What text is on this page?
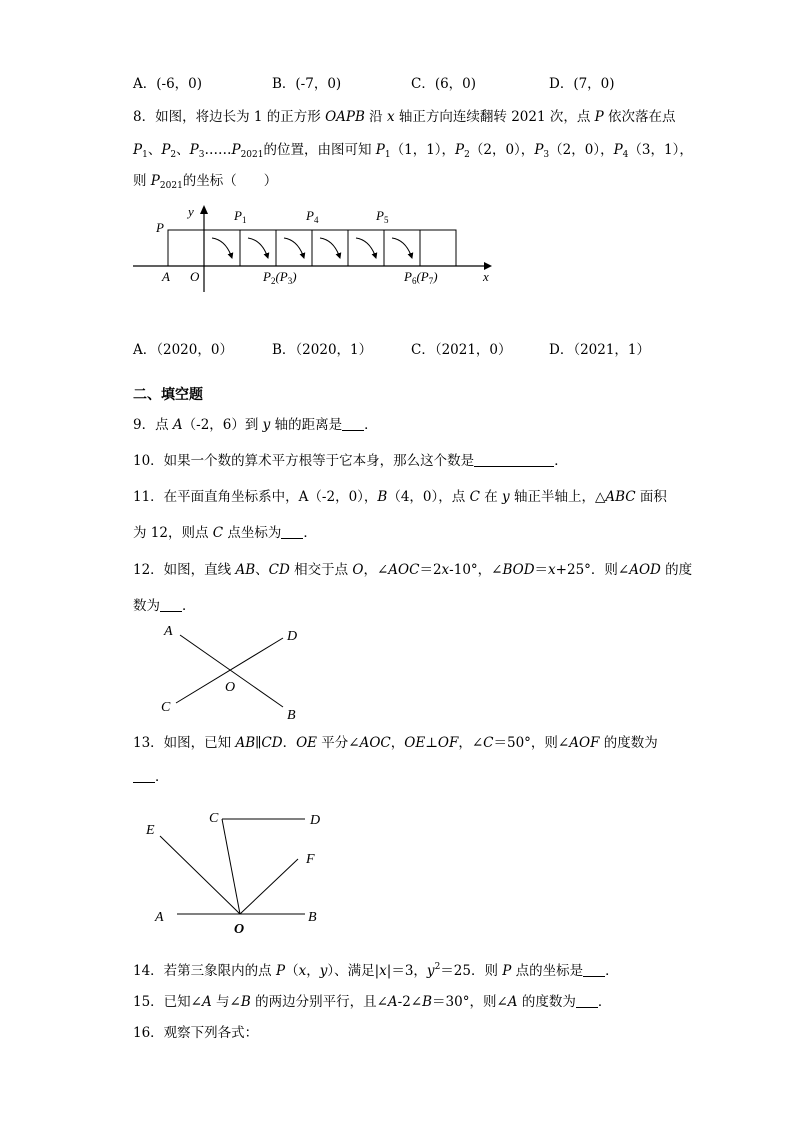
A．(-6，0)	B．(-7，0)	C．(6，0)	D．(7，0)
8．如图，将边长为 1 的正方形 OAPB 沿 x 轴正方向连续翻转 2021 次，点 P 依次落在点
$P_1$、$P_2$、$P_3\dots\dots P_{2021}$的位置，由图可知 $P_1(1$，1），$P_2(2$，0），$P_3(2$，0），$P_4(3$，1），
则 $P_{2021}$的坐标（　　）
y
P
A O	x
$P_1$	$P_4$	$P_5$
$P_2(P_3)$	$P_6(P_7)$
A．（2020，0）	B．（2020，1）	C．（2021，0）	D．（2021，1）
二、填空题
9．点 A（-2，6）到 y 轴的距离是 ．
10．如果一个数的算术平方根等于它本身，那么这个数是	．
11．在平面直角坐标系中，A（-2，0），B（4，0），点 C 在 y 轴正半轴上，△ABC 面积
为 12，则点 C 点坐标为 ．
12．如图，直线 AB、CD 相交于点 O，∠AOC＝2x-10°，∠BOD＝x+25°．则∠AOD 的度
数为 ．
A	D
O
C
B
13．如图，已知 AB∥CD．OE 平分∠AOC，OE⊥OF，∠C＝50°，则∠AOF 的度数为
．
C	D
E
F
A	B
O
14．若第三象限内的点 P（x，y）、满足|x|＝3，$y^2=25$．则 P 点的坐标是 ．
15．已知∠A 与∠B 的两边分别平行，且∠A-2∠B＝30°，则∠A 的度数为 ．
16．观察下列各式：
